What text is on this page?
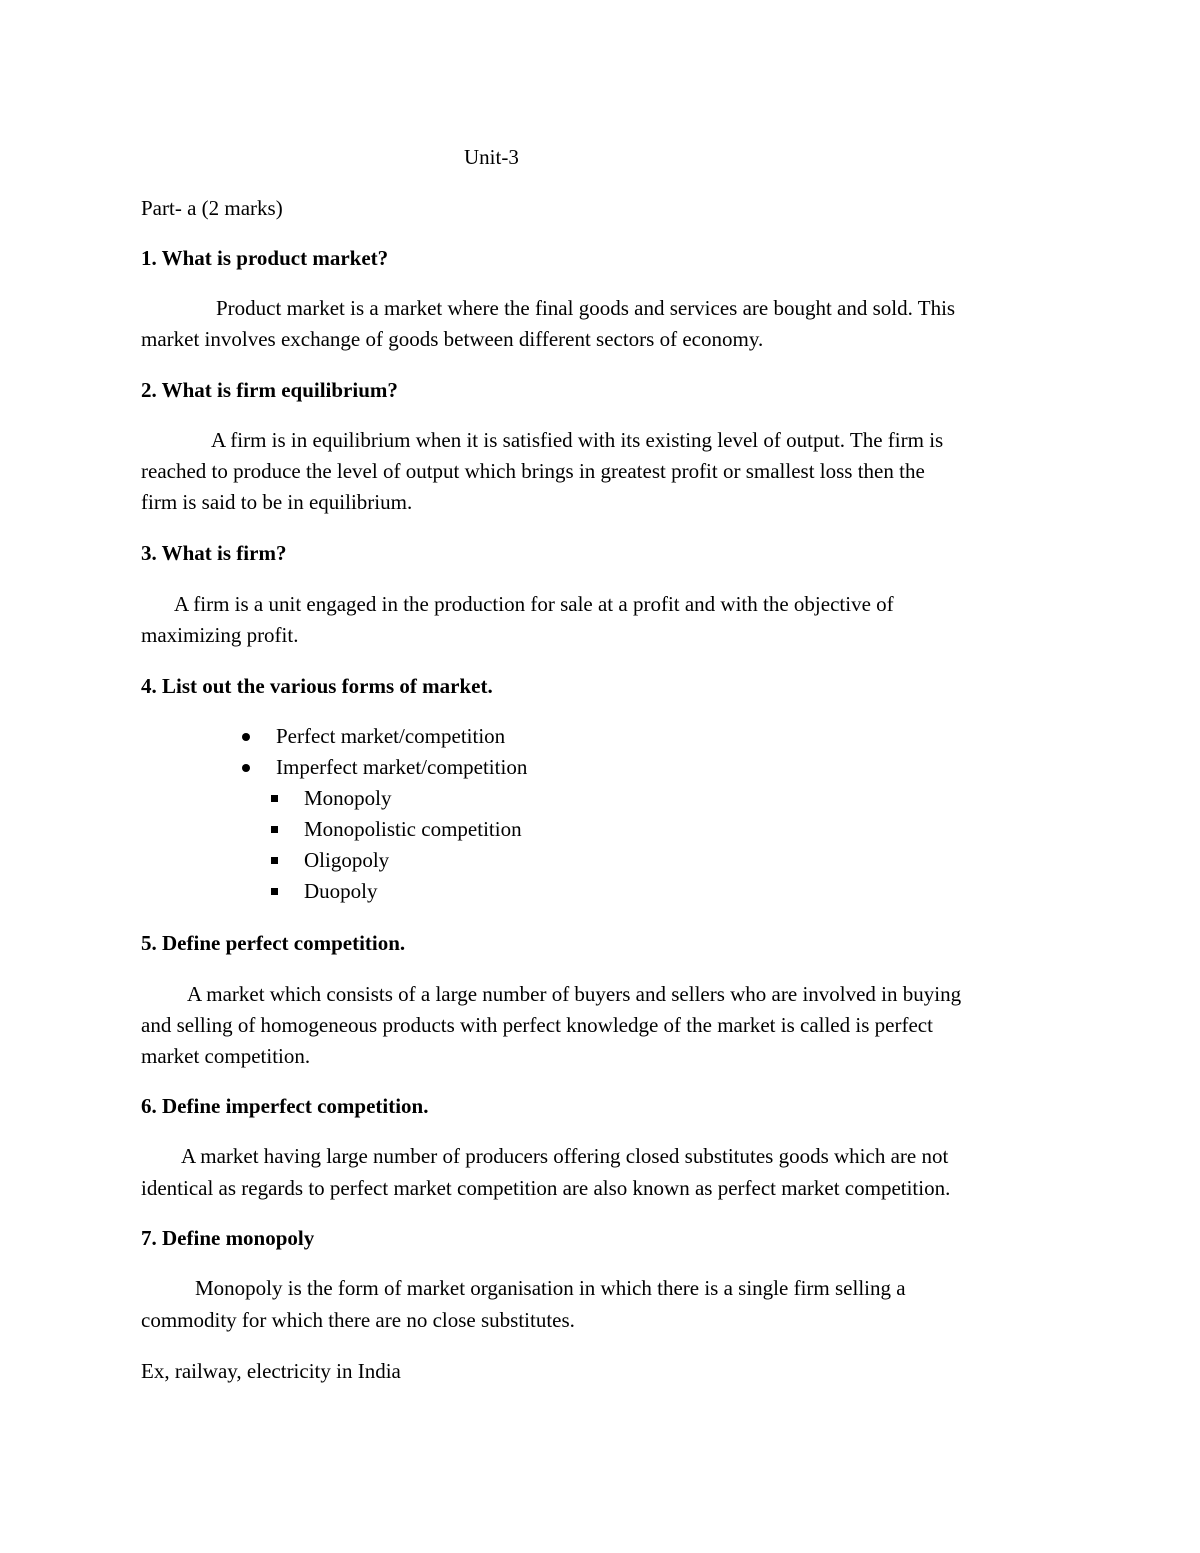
Unit-3
Part- a (2 marks)
1. What is product market?
Product market is a market where the final goods and services are bought and sold. This
market involves exchange of goods between different sectors of economy.
2. What is firm equilibrium?
A firm is in equilibrium when it is satisfied with its existing level of output. The firm is
reached to produce the level of output which brings in greatest profit or smallest loss then the
firm is said to be in equilibrium.
3. What is firm?
A firm is a unit engaged in the production for sale at a profit and with the objective of
maximizing profit.
4. List out the various forms of market.
Perfect market/competition
Imperfect market/competition
Monopoly
Monopolistic competition
Oligopoly
Duopoly
5. Define perfect competition.
A market which consists of a large number of buyers and sellers who are involved in buying
and selling of homogeneous products with perfect knowledge of the market is called is perfect
market competition.
6. Define imperfect competition.
A market having large number of producers offering closed substitutes goods which are not
identical as regards to perfect market competition are also known as perfect market competition.
7. Define monopoly
Monopoly is the form of market organisation in which there is a single firm selling a
commodity for which there are no close substitutes.
Ex, railway, electricity in India
